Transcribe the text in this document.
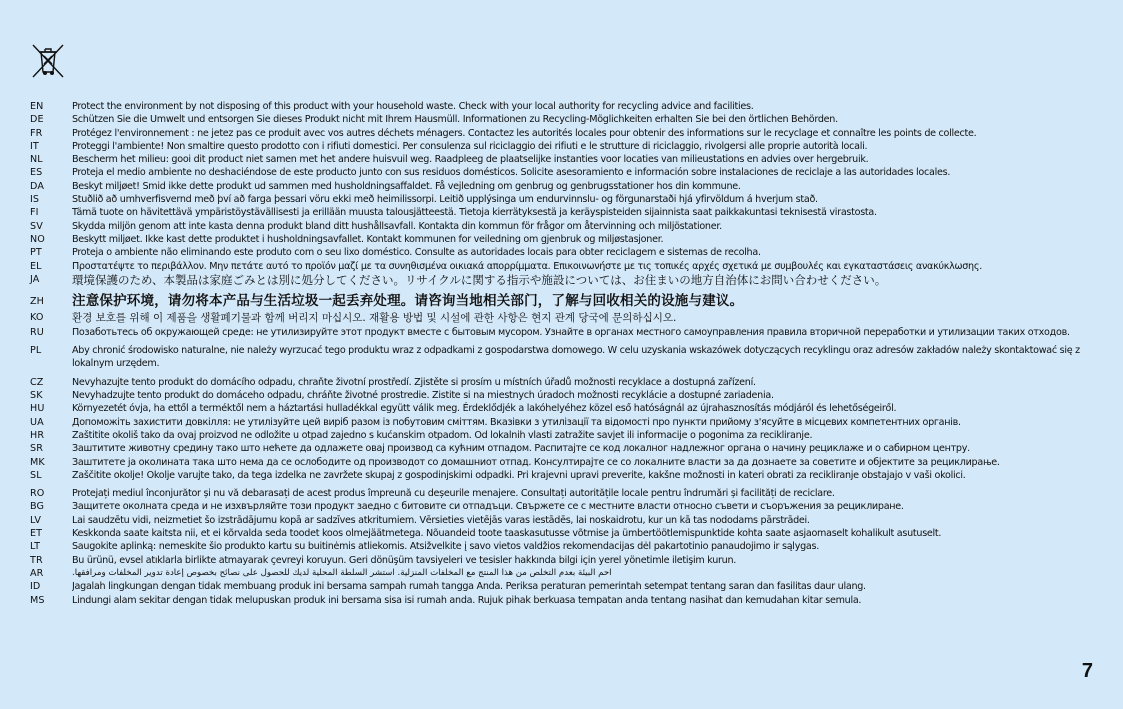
EN	Protect the environment by not disposing of this product with your household waste. Check with your local authority for recycling advice and facilities.
DE	Schützen Sie die Umwelt und entsorgen Sie dieses Produkt nicht mit Ihrem Hausmüll. Informationen zu Recycling-Möglichkeiten erhalten Sie bei den örtlichen Behörden.
FR	Protégez l'environnement : ne jetez pas ce produit avec vos autres déchets ménagers. Contactez les autorités locales pour obtenir des informations sur le recyclage et connaître les points de collecte.
IT	Proteggi l'ambiente! Non smaltire questo prodotto con i rifiuti domestici. Per consulenza sul riciclaggio dei rifiuti e le strutture di riciclaggio, rivolgersi alle proprie autorità locali.
NL	Bescherm het milieu: gooi dit product niet samen met het andere huisvuil weg. Raadpleeg de plaatselijke instanties voor locaties van milieustations en advies over hergebruik.
ES	Proteja el medio ambiente no deshaciéndose de este producto junto con sus residuos domésticos. Solicite asesoramiento e información sobre instalaciones de reciclaje a las autoridades locales.
DA	Beskyt miljøet! Smid ikke dette produkt ud sammen med husholdningsaffaldet. Få vejledning om genbrug og genbrugsstationer hos din kommune.
IS	Stuðlið að umhverfisvernd með því að farga þessari vöru ekki með heimilissorpi. Leitið upplýsinga um endurvinnslu- og förgunarstaði hjá yfirvöldum á hverjum stað.
FI	Tämä tuote on hävitettävä ympäristöystävällisesti ja erillään muusta talousjätteestä. Tietoja kierrätyksestä ja keräyspisteiden sijainnista saat paikkakuntasi teknisestä virastosta.
SV	Skydda miljön genom att inte kasta denna produkt bland ditt hushållsavfall. Kontakta din kommun för frågor om återvinning och miljöstationer.
NO	Beskytt miljøet. Ikke kast dette produktet i husholdningsavfallet. Kontakt kommunen for veiledning om gjenbruk og miljøstasjoner.
PT	Proteja o ambiente não eliminando este produto com o seu lixo doméstico. Consulte as autoridades locais para obter reciclagem e sistemas de recolha.
EL	Προστατέψτε το περιβάλλον. Μην πετάτε αυτό το προϊόν μαζί με τα συνηθισμένα οικιακά απορρίμματα. Επικοινωνήστε με τις τοπικές αρχές σχετικά με συμβουλές και εγκαταστάσεις ανακύκλωσης.
JA	環境保護のため、本製品は家庭ごみとは別に処分してください。リサイクルに関する指示や施設については、お住まいの地方自治体にお問い合わせください。
ZH	注意保护环境，请勿将本产品与生活垃圾一起丢弃处理。请咨询当地相关部门，了解与回收相关的设施与建议。
KO	환경 보호를 위해 이 제품을 생활폐기물과 함께 버리지 마십시오. 재활용 방법 및 시설에 관한 사항은 현지 관계 당국에 문의하십시오.
RU	Позаботьтесь об окружающей среде: не утилизируйте этот продукт вместе с бытовым мусором. Узнайте в органах местного самоуправления правила вторичной переработки и утилизации таких отходов.
PL	Aby chronić środowisko naturalne, nie należy wyrzucać tego produktu wraz z odpadkami z gospodarstwa domowego. W celu uzyskania wskazówek dotyczących recyklingu oraz adresów zakładów należy skontaktować się z lokalnym urzędem.
CZ	Nevyhazujte tento produkt do domácího odpadu, chraňte životní prostředí. Zjistěte si prosím u místních úřadů možnosti recyklace a dostupná zařízení.
SK	Nevyhadzujte tento produkt do domáceho odpadu, chráňte životné prostredie. Zistite si na miestnych úradoch možnosti recyklácie a dostupné zariadenia.
HU	Környezetét óvja, ha ettől a terméktől nem a háztartási hulladékkal együtt válik meg. Érdeklődjék a lakóhelyéhez közel eső hatóságnál az újrahasznosítás módjáról és lehetőségeiről.
UA	Допоможіть захистити довкілля: не утилізуйте цей виріб разом із побутовим сміттям. Вказівки з утилізації та відомості про пункти прийому з'ясуйте в місцевих компетентних органів.
HR	Zaštitite okoliš tako da ovaj proizvod ne odložite u otpad zajedno s kućanskim otpadom. Od lokalnih vlasti zatražite savjet ili informacije o pogonima za recikliranje.
SR	Заштитите животну средину тако што нећете да одлажете овај производ са кућним отпадом. Распитајте се код локалног надлежног органа о начину рециклаже и о сабирном центру.
MK	Заштитете ја околината така што нема да се ослободите од производот со домашниот отпад. Консултирајте се со локалните власти за да дознаете за советите и објектите за рециклирање.
SL	Zaščitite okolje! Okolje varujte tako, da tega izdelka ne zavržete skupaj z gospodinjskimi odpadki. Pri krajevni upravi preverite, kakšne možnosti in kateri obrati za recikliranje obstajajo v vaši okolici.
RO	Protejați mediul înconjurător și nu vă debarasați de acest produs împreună cu deșeurile menajere. Consultați autoritățile locale pentru îndrumări și facilități de reciclare.
BG	Защитете околната среда и не изхвърляйте този продукт заедно с битовите си отпадъци. Свържете се с местните власти относно съвети и съоръжения за рециклиране.
LV	Lai saudzētu vidi, neizmetiet šo izstrādājumu kopā ar sadzīves atkritumiem. Vērsieties vietējās varas iestādēs, lai noskaidrotu, kur un kā tas nododams pārstrādei.
ET	Keskkonda saate kaitsta nii, et ei kõrvalda seda toodet koos olmejäätmetega. Nõuandeid toote taaskasutusse võtmise ja ümbertöötlemispunktide kohta saate asjaomaselt kohalikult asutuselt.
LT	Saugokite aplinką: nemeskite šio produkto kartu su buitinėmis atliekomis. Atsižvelkite į savo vietos valdžios rekomendacijas dėl pakartotinio panaudojimo ir sąlygas.
TR	Bu ürünü, evsel atıklarla birlikte atmayarak çevreyi koruyun. Geri dönüşüm tavsiyeleri ve tesisler hakkında bilgi için yerel yönetimle iletişim kurun.
AR	احم البيئة بعدم التخلص من هذا المنتج مع المخلفات المنزلية. استشر السلطة المحلية لديك للحصول على نصائح بخصوص إعادة تدوير المخلفات ومرافقها.
ID	Jagalah lingkungan dengan tidak membuang produk ini bersama sampah rumah tangga Anda. Periksa peraturan pemerintah setempat tentang saran dan fasilitas daur ulang.
MS	Lindungi alam sekitar dengan tidak melupuskan produk ini bersama sisa isi rumah anda. Rujuk pihak berkuasa tempatan anda tentang nasihat dan kemudahan kitar semula.
7
